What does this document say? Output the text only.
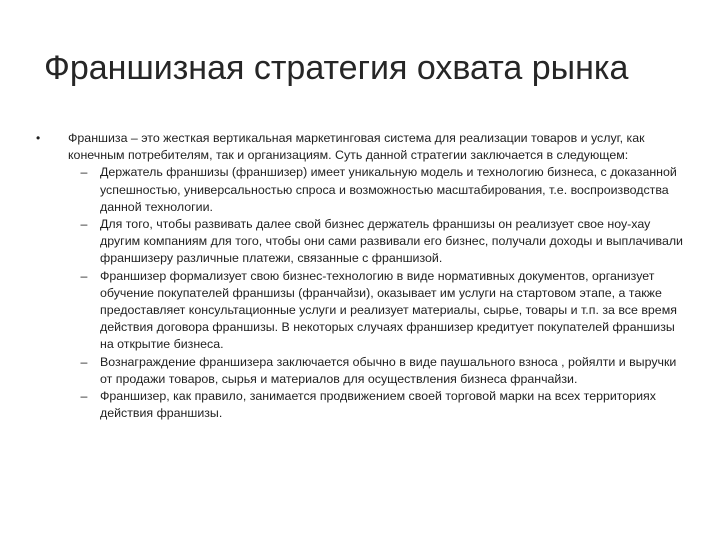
Франшизная стратегия охвата рынка
•	Франшиза – это жесткая вертикальная маркетинговая система для реализации товаров и услуг, как конечным потребителям, так и организациям. Суть данной стратегии заключается в следующем:
–	Держатель франшизы (франшизер) имеет уникальную модель и технологию бизнеса, с доказанной успешностью, универсальностью спроса и возможностью масштабирования, т.е. воспроизводства данной технологии.
–	Для того, чтобы развивать далее свой бизнес держатель франшизы он реализует свое ноу-хау другим компаниям для того, чтобы они сами развивали его бизнес, получали доходы и выплачивали франшизеру различные платежи, связанные с франшизой.
–	Франшизер формализует свою бизнес-технологию в виде нормативных документов, организует обучение покупателей франшизы (франчайзи), оказывает им услуги на стартовом этапе, а также предоставляет консультационные услуги и реализует материалы, сырье, товары и т.п. за все время действия договора франшизы. В некоторых случаях франшизер кредитует покупателей франшизы на открытие бизнеса.
–	Вознаграждение франшизера заключается обычно в виде паушального взноса , ройялти и выручки от продажи товаров, сырья и материалов для осуществления бизнеса франчайзи.
–	Франшизер, как правило, занимается продвижением своей торговой марки на всех территориях действия франшизы.
